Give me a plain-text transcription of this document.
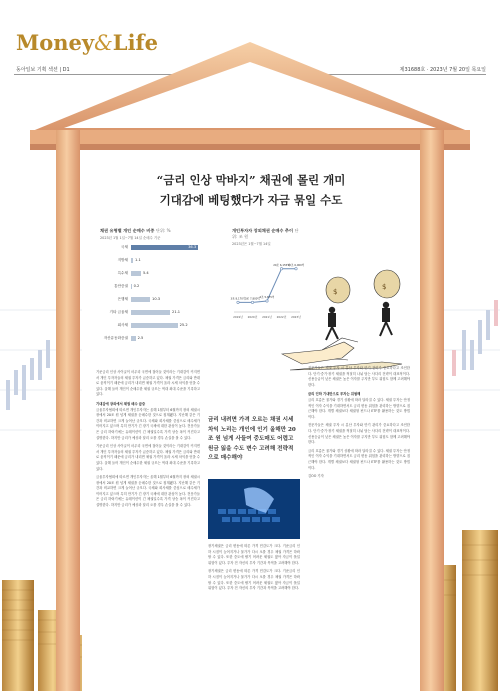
Money&Life
동아일보 기획 섹션 | D1	제31688호 · 2023년 7월 20일 목요일
“금리 인상 막바지” 채권에 몰린 개미
기대감에 베팅했다가 자금 묶일 수도
채권 유형별 개인 순매수 비중 단위: %
2023년 1월 1일~7월 14일 순매수 기준
국채	36.3
지방채 1.1
특수채	5.4
통안증권 0.2
은행채	10.3
기타 금융채	21.1
회사채	25.2
자산유동화증권	2.5
개인투자자 장외채권 순매수 추이 단위: 조 원
2023년은 1월~7월 14일
3조 8,170억
2019년
3조 7,800억
2020년
4조 5,675억
2021년
20조 6,155억
2022년
20조 6,000억
2023년
$
$

기준금리 인상 사이클이 마무리 국면에 접어들 것이라는 기대감이 커지면서 개인 투자자들의 채권 투자가 급증하고 있다. 채권 가격은 금리와 반대로 움직이기 때문에 금리가 내리면 채권 가격이 올라 시세 차익을 얻을 수 있다. 올해 들어 개인이 순매수한 채권 규모는 역대 최대 수준을 기록하고 있다.

기대감에 장외에서 채권 매수 급증

금융투자협회에 따르면 개인투자자는 올해 1월부터 6월까지 장외 채권시장에서 20조 원 넘게 채권을 순매수한 것으로 집계됐다. 지난해 같은 기간과 비교하면 크게 늘어난 규모다. 국채와 회사채를 중심으로 매수세가 이어지고 있으며 특히 만기가 긴 장기 국채에 대한 관심이 높다. 전문가들은 금리 하락기에는 듀레이션이 긴 채권일수록 가격 상승 폭이 커진다고 설명한다. 하지만 금리가 예상과 달리 오를 경우 손실을 볼 수 있다.

기준금리 인상 사이클이 마무리 국면에 접어들 것이라는 기대감이 커지면서 개인 투자자들의 채권 투자가 급증하고 있다. 채권 가격은 금리와 반대로 움직이기 때문에 금리가 내리면 채권 가격이 올라 시세 차익을 얻을 수 있다. 올해 들어 개인이 순매수한 채권 규모는 역대 최대 수준을 기록하고 있다.

금융투자협회에 따르면 개인투자자는 올해 1월부터 6월까지 장외 채권시장에서 20조 원 넘게 채권을 순매수한 것으로 집계됐다. 지난해 같은 기간과 비교하면 크게 늘어난 규모다. 국채와 회사채를 중심으로 매수세가 이어지고 있으며 특히 만기가 긴 장기 국채에 대한 관심이 높다. 전문가들은 금리 하락기에는 듀레이션이 긴 채권일수록 가격 상승 폭이 커진다고 설명한다. 하지만 금리가 예상과 달리 오를 경우 손실을 볼 수 있다.

금리 내려면 가격 오르는 채권 시세 차익 노리는 개인에 인기 올해만 20조 원 넘게 사들여 중도매도 어렵고 원금 잃을 수도 변수 고려해 전략적 으로 매수해야

장기채권은 금리 변동에 따른 가격 민감도가 크다. 기준금리 인하 시점이 늦어지거나 물가가 다시 오를 경우 채권 가격은 하락할 수 있다. 또한 중도에 팔기 어려운 채권도 많아 자금이 묶일 위험이 있다. 투자 전 자신의 투자 기간과 목적을 고려해야 한다.

장기채권은 금리 변동에 따른 가격 민감도가 크다. 기준금리 인하 시점이 늦어지거나 물가가 다시 오를 경우 채권 가격은 하락할 수 있다. 또한 중도에 팔기 어려운 채권도 많아 자금이 묶일 위험이 있다. 투자 전 자신의 투자 기간과 목적을 고려해야 한다.

전문가들은 채권 투자 시 분산 투자와 만기 관리가 중요하다고 조언한다. 단기·중기·장기 채권을 적절히 나눠 담는 사다리 전략이 대표적이다. 신용등급이 낮은 채권은 높은 이자를 주지만 부도 위험도 함께 고려해야 한다.

금리 인하 기대만으로 투자는 위험해

금리 흐름은 물가와 경기 상황에 따라 달라질 수 있다. 채권 투자는 안정적인 이자 수익을 기대하면서도 금리 변동 위험을 관리하는 방향으로 접근해야 한다. 개별 채권보다 채권형 펀드나 ETF를 활용하는 것도 방법이다.

전문가들은 채권 투자 시 분산 투자와 만기 관리가 중요하다고 조언한다. 단기·중기·장기 채권을 적절히 나눠 담는 사다리 전략이 대표적이다. 신용등급이 낮은 채권은 높은 이자를 주지만 부도 위험도 함께 고려해야 한다.

금리 흐름은 물가와 경기 상황에 따라 달라질 수 있다. 채권 투자는 안정적인 이자 수익을 기대하면서도 금리 변동 위험을 관리하는 방향으로 접근해야 한다. 개별 채권보다 채권형 펀드나 ETF를 활용하는 것도 방법이다.

김OO 기자
